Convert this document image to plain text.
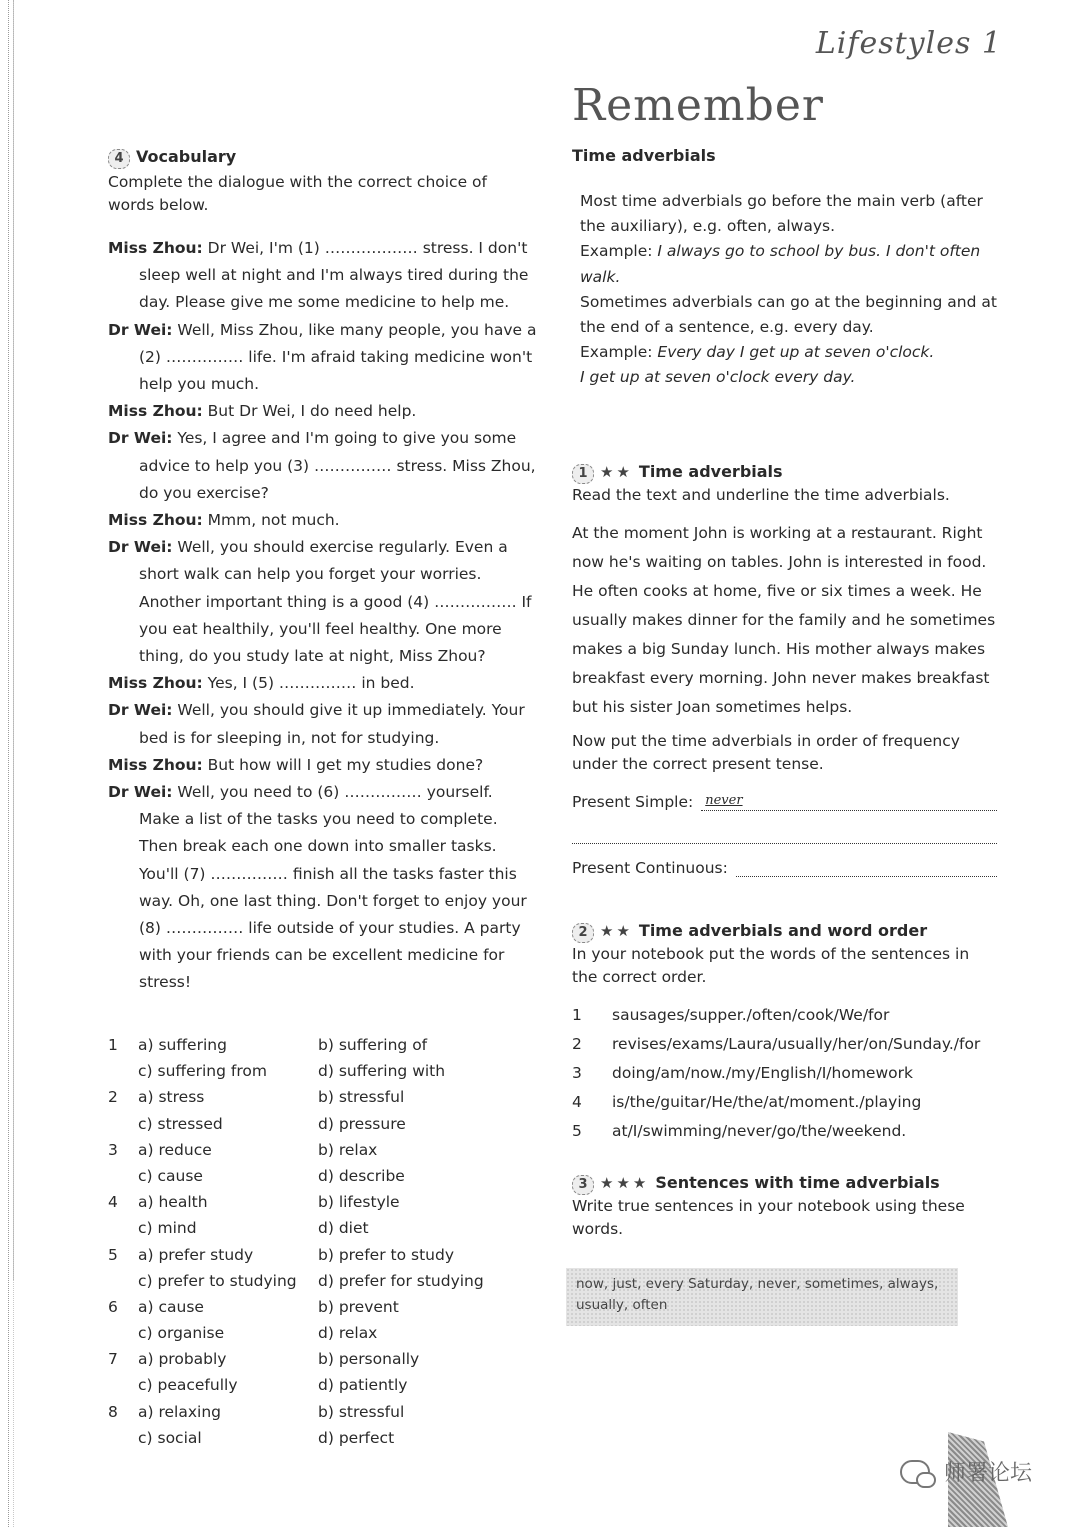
Lifestyles 1
Remember
4 Vocabulary
Complete the dialogue with the correct choice of words below.
Miss Zhou: Dr Wei, I'm (1) ……………… stress. I don't sleep well at night and I'm always tired during the day. Please give me some medicine to help me.
Dr Wei: Well, Miss Zhou, like many people, you have a (2) …………… life. I'm afraid taking medicine won't help you much.
Miss Zhou: But Dr Wei, I do need help.
Dr Wei: Yes, I agree and I'm going to give you some advice to help you (3) …………… stress. Miss Zhou, do you exercise?
Miss Zhou: Mmm, not much.
Dr Wei: Well, you should exercise regularly. Even a short walk can help you forget your worries. Another important thing is a good (4) ……………. If you eat healthily, you'll feel healthy. One more thing, do you study late at night, Miss Zhou?
Miss Zhou: Yes, I (5) …………… in bed.
Dr Wei: Well, you should give it up immediately. Your bed is for sleeping in, not for studying.
Miss Zhou: But how will I get my studies done?
Dr Wei: Well, you need to (6) …………… yourself. Make a list of the tasks you need to complete. Then break each one down into smaller tasks. You'll (7) …………… finish all the tasks faster this way. Oh, one last thing. Don't forget to enjoy your (8) …………… life outside of your studies. A party with your friends can be excellent medicine for stress!
1	a) suffering	b) suffering of
c) suffering from	d) suffering with
2	a) stress	b) stressful
c) stressed	d) pressure
3	a) reduce	b) relax
c) cause	d) describe
4	a) health	b) lifestyle
c) mind	d) diet
5	a) prefer study	b) prefer to study
c) prefer to studying	d) prefer for studying
6	a) cause	b) prevent
c) organise	d) relax
7	a) probably	b) personally
c) peacefully	d) patiently
8	a) relaxing	b) stressful
c) social	d) perfect
Time adverbials
Most time adverbials go before the main verb (after the auxiliary), e.g. often, always.
Example: I always go to school by bus. I don't often walk.
Sometimes adverbials can go at the beginning and at the end of a sentence, e.g. every day.
Example: Every day I get up at seven o'clock.
I get up at seven o'clock every day.
1 ★★ Time adverbials
Read the text and underline the time adverbials.
At the moment John is working at a restaurant. Right now he's waiting on tables. John is interested in food. He often cooks at home, five or six times a week. He usually makes dinner for the family and he sometimes makes a big Sunday lunch. His mother always makes breakfast every morning. John never makes breakfast but his sister Joan sometimes helps.
Now put the time adverbials in order of frequency under the correct present tense.
Present Simple: never
Present Continuous:
2 ★★ Time adverbials and word order
In your notebook put the words of the sentences in the correct order.
1	sausages/supper./often/cook/We/for
2	revises/exams/Laura/usually/her/on/Sunday./for
3	doing/am/now./my/English/I/homework
4	is/the/guitar/He/the/at/moment./playing
5	at/I/swimming/never/go/the/weekend.
3 ★★★ Sentences with time adverbials
Write true sentences in your notebook using these words.
now, just, every Saturday, never, sometimes, always, usually, often
师署论坛
